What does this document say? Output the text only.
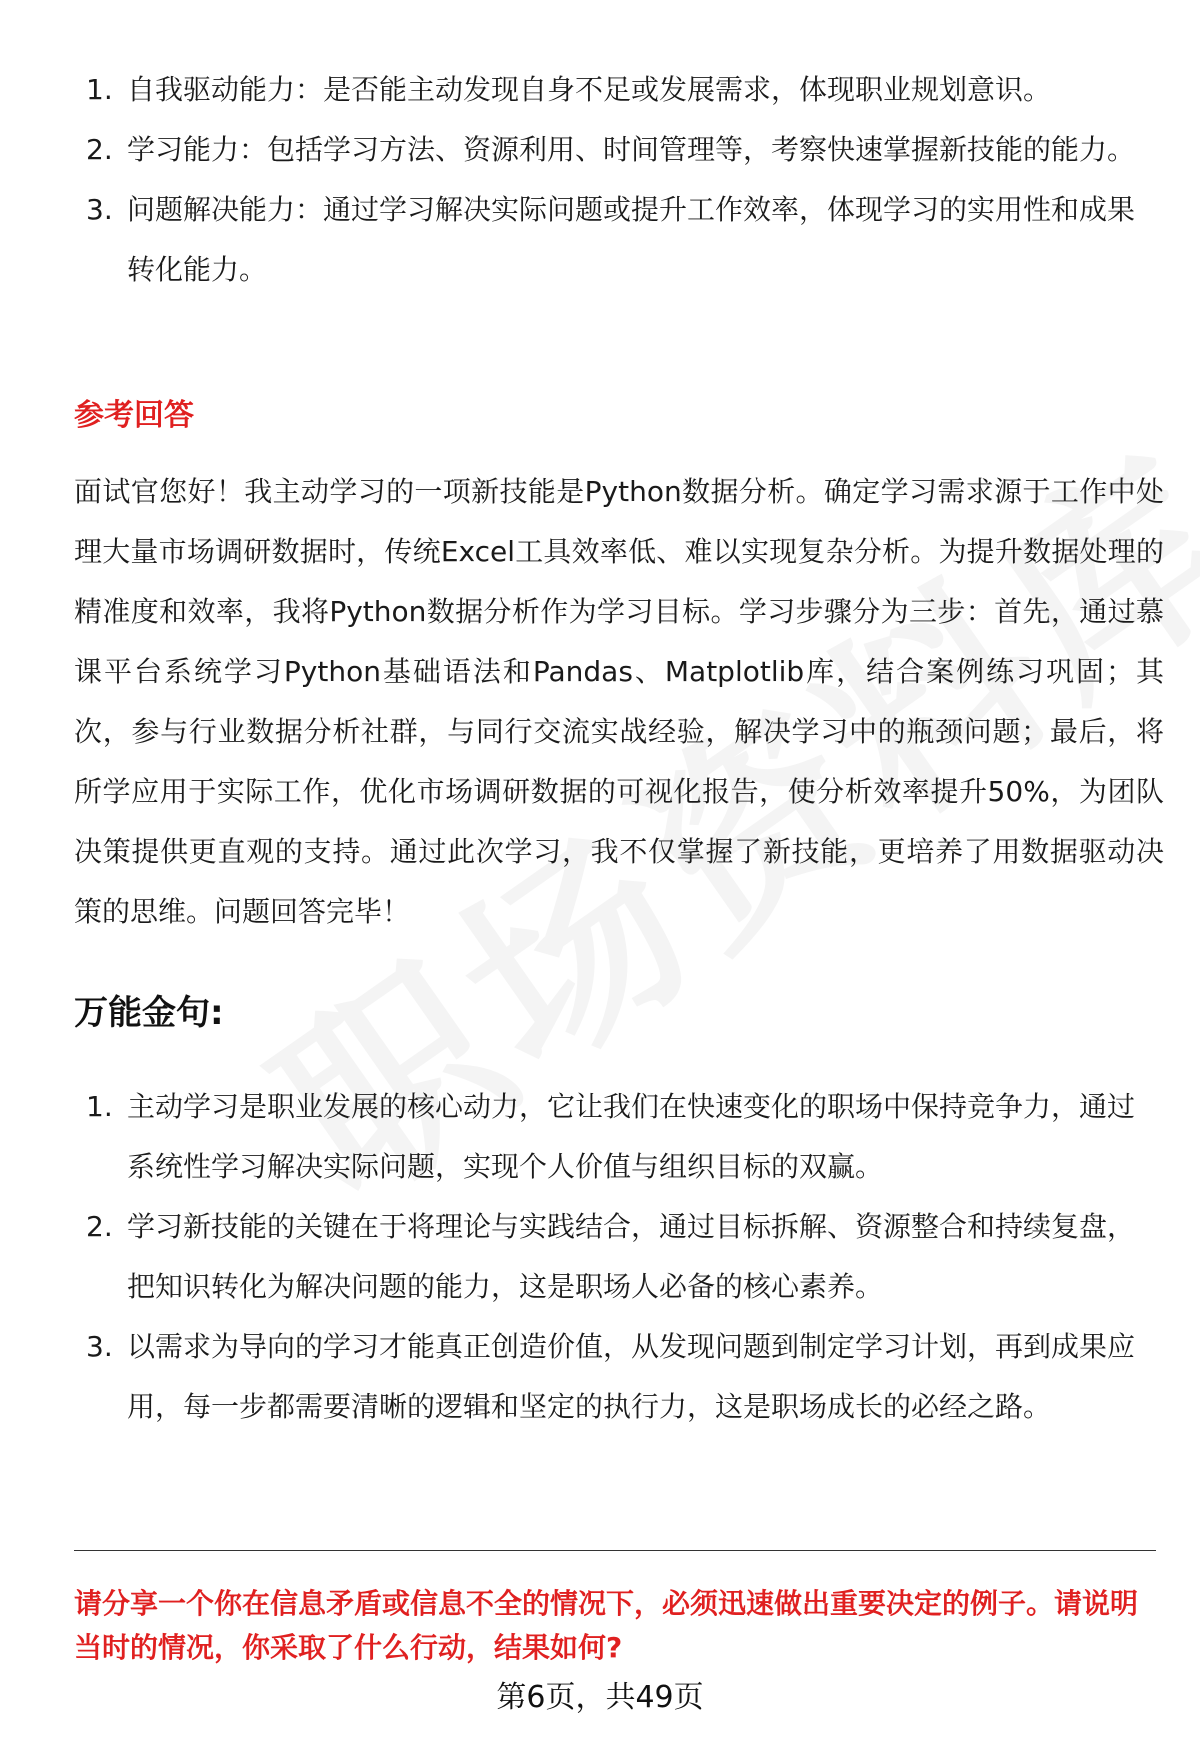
1. 自我驱动能力：是否能主动发现自身不足或发展需求，体现职业规划意识。
2. 学习能力：包括学习方法、资源利用、时间管理等，考察快速掌握新技能的能力。
3. 问题解决能力：通过学习解决实际问题或提升工作效率，体现学习的实用性和成果转化能力。
参考回答

面试官您好！我主动学习的一项新技能是Python数据分析。确定学习需求源于工作中处理大量市场调研数据时，传统Excel工具效率低、难以实现复杂分析。为提升数据处理的精准度和效率，我将Python数据分析作为学习目标。学习步骤分为三步：首先，通过慕课平台系统学习Python基础语法和Pandas、Matplotlib库，结合案例练习巩固；其次，参与行业数据分析社群，与同行交流实战经验，解决学习中的瓶颈问题；最后，将所学应用于实际工作，优化市场调研数据的可视化报告，使分析效率提升50%，为团队决策提供更直观的支持。通过此次学习，我不仅掌握了新技能，更培养了用数据驱动决策的思维。问题回答完毕！

万能金句:
1. 主动学习是职业发展的核心动力，它让我们在快速变化的职场中保持竞争力，通过系统性学习解决实际问题，实现个人价值与组织目标的双赢。
2. 学习新技能的关键在于将理论与实践结合，通过目标拆解、资源整合和持续复盘，把知识转化为解决问题的能力，这是职场人必备的核心素养。
3. 以需求为导向的学习才能真正创造价值，从发现问题到制定学习计划，再到成果应用，每一步都需要清晰的逻辑和坚定的执行力，这是职场成长的必经之路。

请分享一个你在信息矛盾或信息不全的情况下，必须迅速做出重要决定的例子。请说明当时的情况，你采取了什么行动，结果如何?

第6页，共49页
